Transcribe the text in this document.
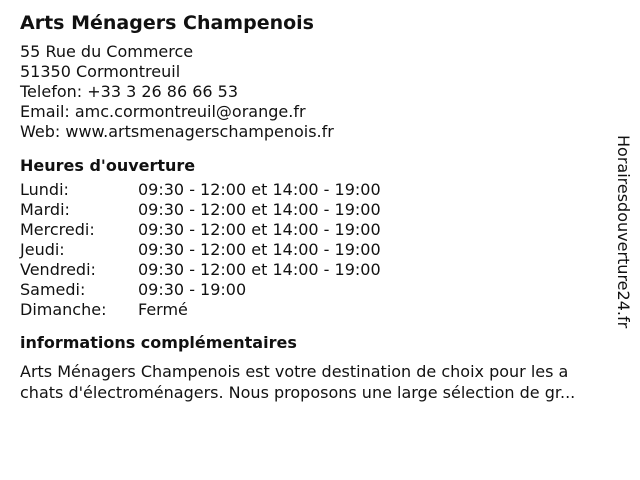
Arts Ménagers Champenois
55 Rue du Commerce
51350 Cormontreuil
Telefon: +33 3 26 86 66 53
Email: amc.cormontreuil@orange.fr
Web: www.artsmenagerschampenois.fr
Heures d'ouverture
Lundi:	09:30 - 12:00 et 14:00 - 19:00
Mardi:	09:30 - 12:00 et 14:00 - 19:00
Mercredi:	09:30 - 12:00 et 14:00 - 19:00
Jeudi:	09:30 - 12:00 et 14:00 - 19:00
Vendredi:	09:30 - 12:00 et 14:00 - 19:00
Samedi:	09:30 - 19:00
Dimanche:	Fermé
informations complémentaires
Arts Ménagers Champenois est votre destination de choix pour les a
chats d'électroménagers. Nous proposons une large sélection de gr...
Horairesdouverture24.fr
